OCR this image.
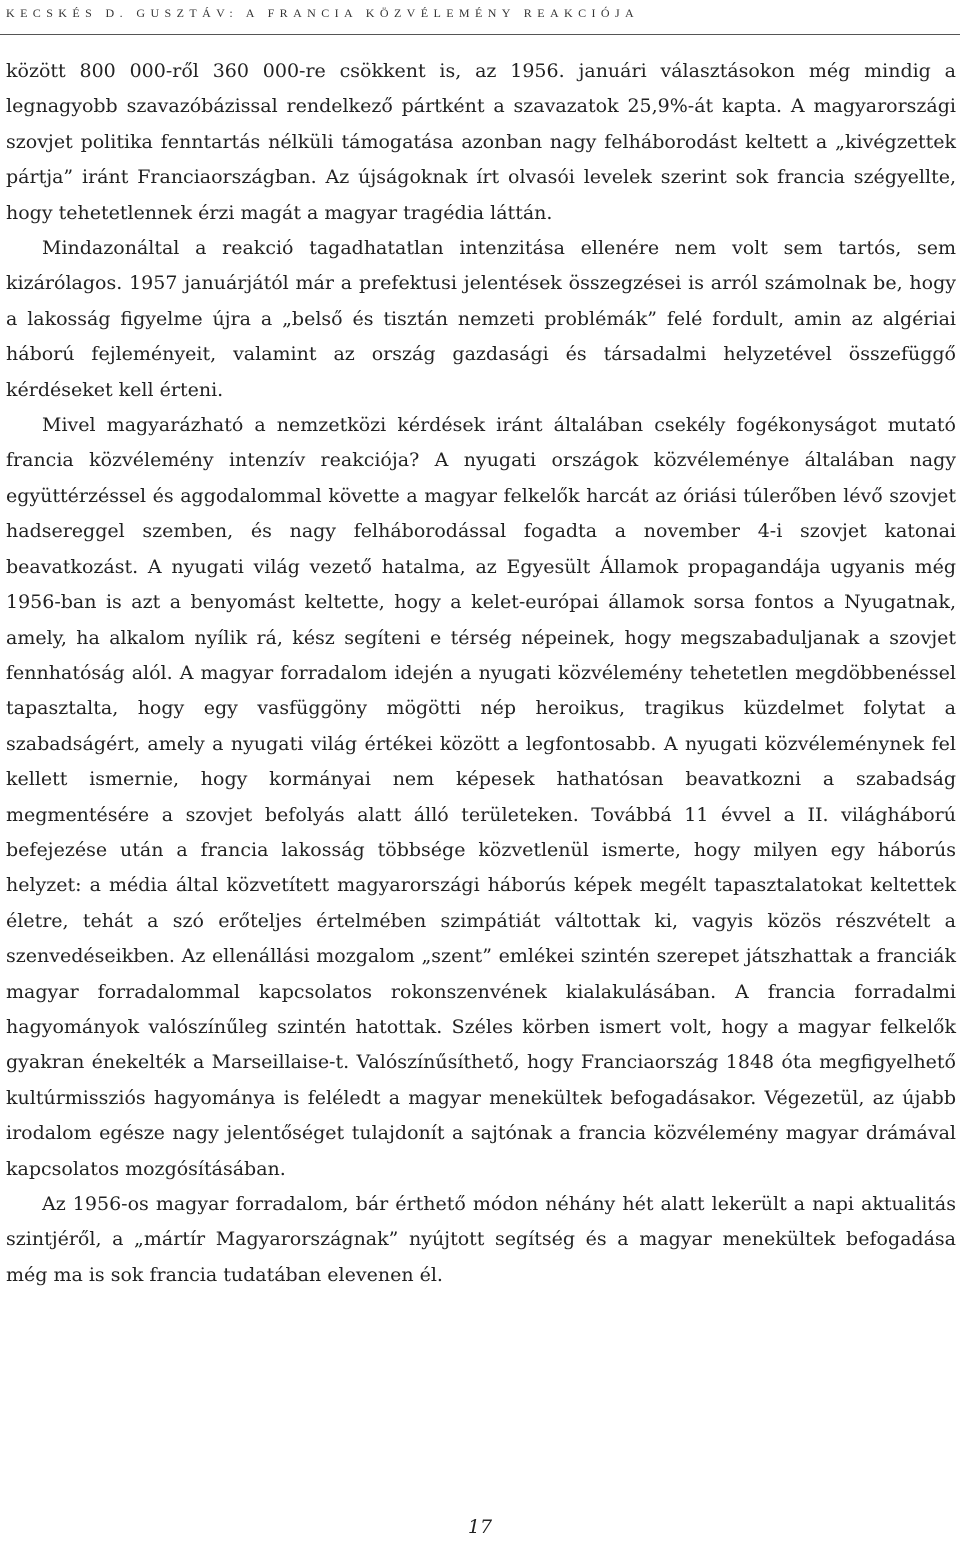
KECSKÉS D. GUSZTÁV: A FRANCIA KÖZVÉLEMÉNY REAKCIÓJA

között 800 000-ről 360 000-re csökkent is, az 1956. januári választásokon még mindig a legnagyobb szavazóbázissal rendelkező pártként a szavazatok 25,9%-át kapta. A magyarországi szovjet politika fenntartás nélküli támogatása azonban nagy felháborodást keltett a „kivégzettek pártja” iránt Franciaországban. Az újságoknak írt olvasói levelek szerint sok francia szégyellte, hogy tehetetlennek érzi magát a magyar tragédia láttán.

Mindazonáltal a reakció tagadhatatlan intenzitása ellenére nem volt sem tartós, sem kizárólagos. 1957 januárjától már a prefektusi jelentések összegzései is arról számolnak be, hogy a lakosság figyelme újra a „belső és tisztán nemzeti problémák” felé fordult, amin az algériai háború fejleményeit, valamint az ország gazdasági és társadalmi helyzetével összefüggő kérdéseket kell érteni.

Mivel magyarázható a nemzetközi kérdések iránt általában csekély fogékonyságot mutató francia közvélemény intenzív reakciója? A nyugati országok közvéleménye általában nagy együttérzéssel és aggodalommal követte a magyar felkelők harcát az óriási túlerőben lévő szovjet hadsereggel szemben, és nagy felháborodással fogadta a november 4-i szovjet katonai beavatkozást. A nyugati világ vezető hatalma, az Egyesült Államok propagandája ugyanis még 1956-ban is azt a benyomást keltette, hogy a kelet-európai államok sorsa fontos a Nyugatnak, amely, ha alkalom nyílik rá, kész segíteni e térség népeinek, hogy megszabaduljanak a szovjet fennhatóság alól. A magyar forradalom idején a nyugati közvélemény tehetetlen megdöbbenéssel tapasztalta, hogy egy vasfüggöny mögötti nép heroikus, tragikus küzdelmet folytat a szabadságért, amely a nyugati világ értékei között a legfontosabb. A nyugati közvéleménynek fel kellett ismernie, hogy kormányai nem képesek hathatósan beavatkozni a szabadság megmentésére a szovjet befolyás alatt álló területeken. Továbbá 11 évvel a II. világháború befejezése után a francia lakosság többsége közvetlenül ismerte, hogy milyen egy háborús helyzet: a média által közvetített magyarországi háborús képek megélt tapasztalatokat keltettek életre, tehát a szó erőteljes értelmében szimpátiát váltottak ki, vagyis közös részvételt a szenvedéseikben. Az ellenállási mozgalom „szent” emlékei szintén szerepet játszhattak a franciák magyar forradalommal kapcsolatos rokonszenvének kialakulásában. A francia forradalmi hagyományok valószínűleg szintén hatottak. Széles körben ismert volt, hogy a magyar felkelők gyakran énekelték a Marseillaise-t. Valószínűsíthető, hogy Franciaország 1848 óta megfigyelhető kultúrmissziós hagyománya is feléledt a magyar menekültek befogadásakor. Végezetül, az újabb irodalom egésze nagy jelentőséget tulajdonít a sajtónak a francia közvélemény magyar drámával kapcsolatos mozgósításában.

Az 1956-os magyar forradalom, bár érthető módon néhány hét alatt lekerült a napi aktualitás szintjéről, a „mártír Magyarországnak” nyújtott segítség és a magyar menekültek befogadása még ma is sok francia tudatában elevenen él.

17
